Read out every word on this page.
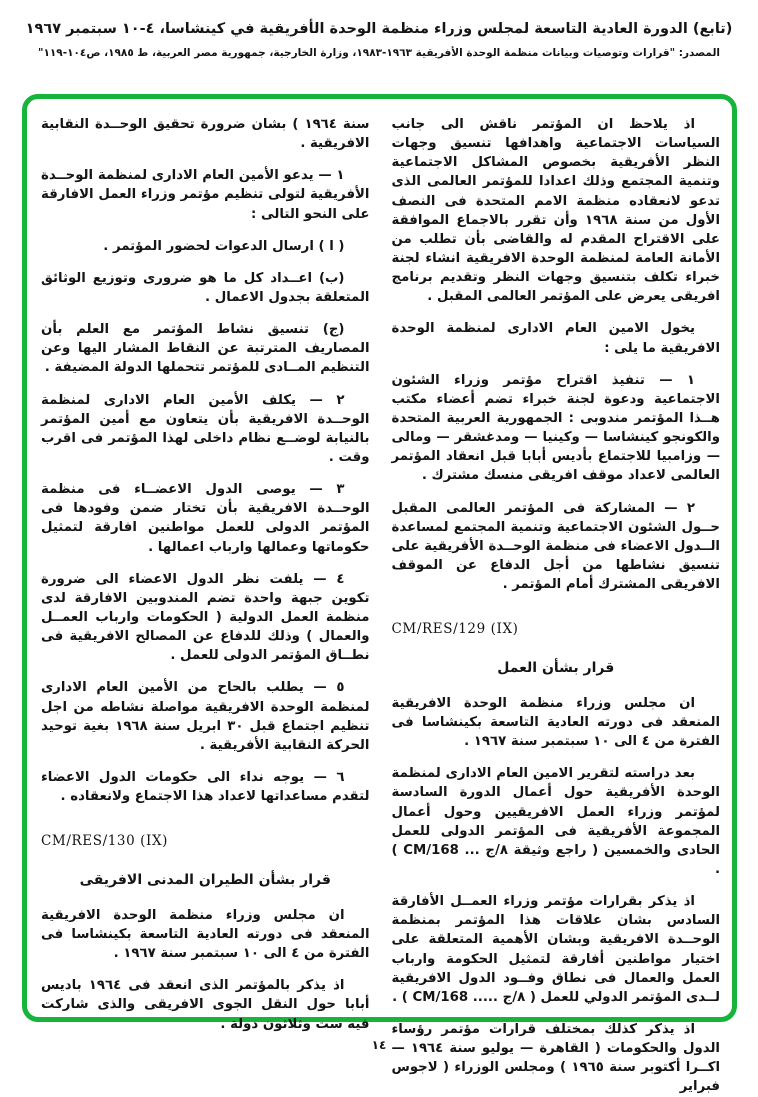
(تابع) الدورة العادية التاسعة لمجلس وزراء منظمة الوحدة الأفريقية في كينشاسا، ٤-١٠ سبتمبر ١٩٦٧
المصدر: "قرارات وتوصيات وبيانات منظمة الوحدة الأفريقية ١٩٦٣-١٩٨٣، وزارة الخارجية، جمهورية مصر العربية، ط ١٩٨٥، ص١٠٤-١١٩"

اذ يلاحظ ان المؤتمر ناقش الى جانب السياسات الاجتماعية واهدافها تنسيق وجهات النظر الأفريقية بخصوص المشاكل الاجتماعية وتنمية المجتمع وذلك اعدادا للمؤتمر العالمى الذى تدعو لانعقاده منظمة الامم المتحدة فى النصف الأول من سنة ١٩٦٨ وأن تقرر بالاجماع الموافقة على الاقتراح المقدم له والقاضى بأن تطلب من الأمانة العامة لمنظمة الوحدة الافريقية انشاء لجنة خبراء تكلف بتنسيق وجهات النظر وتقديم برنامج افريقى يعرض على المؤتمر العالمى المقبل .

يخول الامين العام الادارى لمنظمة الوحدة الافريقية ما يلى :

١ — تنفيذ اقتراح مؤتمر وزراء الشئون الاجتماعية ودعوة لجنة خبراء تضم أعضاء مكتب هــذا المؤتمر مندوبى : الجمهورية العربية المتحدة والكونجو كينشاسا — وكينيا — ومدغشقر — ومالى — وزامبيا للاجتماع بأديس أبابا قبل انعقاد المؤتمر العالمى لاعداد موقف افريقى منسك مشترك .

٢ — المشاركة فى المؤتمر العالمى المقبل حــول الشئون الاجتماعية وتنمية المجتمع لمساعدة الــدول الاعضاء فى منظمة الوحــدة الأفريقية على تنسيق نشاطها من أجل الدفاع عن الموقف الافريقى المشترك أمام المؤتمر .

CM/RES/129 (IX)

قرار بشأن العمل

ان مجلس وزراء منظمة الوحدة الافريقية المنعقد فى دورته العادية التاسعة بكينشاسا فى الفترة من ٤ الى ١٠ سبتمبر سنة ١٩٦٧ .

بعد دراسته لتقرير الامين العام الادارى لمنظمة الوحدة الأفريقية حول أعمال الدورة السادسة لمؤتمر وزراء العمل الافريقيين وحول أعمال المجموعة الأفريقية فى المؤتمر الدولى للعمل الحادى والخمسين ( راجع وثيقة ٨/ج ... CM/168 ) .

اذ يذكر بقرارات مؤتمر وزراء العمــل الأفارقة السادس بشان علاقات هذا المؤتمر بمنظمة الوحــدة الافريقية وبشان الأهمية المتعلقة على اختيار مواطنين أفارقة لتمثيل الحكومة وارباب العمل والعمال فى نطاق وفــود الدول الافريقية لــدى المؤتمر الدولي للعمل ( ٨/ج ..... CM/168 ) .

اذ يذكر كذلك بمختلف قرارات مؤتمر رؤساء الدول والحكومات ( القاهرة — يوليو سنة ١٩٦٤ — اكــرا أكتوبر سنة ١٩٦٥ ) ومجلس الوزراء ( لاجوس فبراير

سنة ١٩٦٤ ) بشان ضرورة تحقيق الوحــدة النقابية الافريقية .

١ — يدعو الأمين العام الادارى لمنظمة الوحــدة الأفريقية لتولى تنظيم مؤتمر وزراء العمل الافارقة على النحو التالى :

( ا ) ارسال الدعوات لحضور المؤتمر .

(ب) اعــداد كل ما هو ضرورى وتوزيع الوثائق المتعلقة بجدول الاعمال .

(ج) تنسيق نشاط المؤتمر مع العلم بأن المصاريف المترتبة عن النقاط المشار اليها وعن التنظيم المــادى للمؤتمر تتحملها الدولة المضيفة .

٢ — يكلف الأمين العام الادارى لمنظمة الوحــدة الافريقية بأن يتعاون مع أمين المؤتمر بالنيابة لوضــع نظام داخلى لهذا المؤتمر فى اقرب وقت .

٣ — يوصى الدول الاعضــاء فى منظمة الوحــدة الافريقية بأن تختار ضمن وفودها فى المؤتمر الدولى للعمل مواطنين افارقة لتمثيل حكوماتها وعمالها وارباب اعمالها .

٤ — يلفت نظر الدول الاعضاء الى ضرورة تكوين جبهة واحدة تضم المندوبين الافارقة لدى منظمة العمل الدولية ( الحكومات وارباب العمــل والعمال ) وذلك للدفاع عن المصالح الافريقية فى نطــاق المؤتمر الدولى للعمل .

٥ — يطلب بالحاح من الأمين العام الادارى لمنظمة الوحدة الافريقية مواصلة نشاطه من اجل تنظيم اجتماع قبل ٣٠ ابريل سنة ١٩٦٨ بغية توحيد الحركة النقابية الأفريقية .

٦ — يوجه نداء الى حكومات الدول الاعضاء لتقدم مساعداتها لاعداد هذا الاجتماع ولانعقاده .

CM/RES/130 (IX)

قرار بشأن الطيران المدنى الافريقى

ان مجلس وزراء منظمة الوحدة الافريقية المنعقد فى دورته العادية التاسعة بكينشاسا فى الفترة من ٤ الى ١٠ سبتمبر سنة ١٩٦٧ .

اذ يذكر بالمؤتمر الذى انعقد فى ١٩٦٤ باديس أبابا حول النقل الجوى الافريقى والذى شاركت فيه ست وثلاثون دولة .

١٤
